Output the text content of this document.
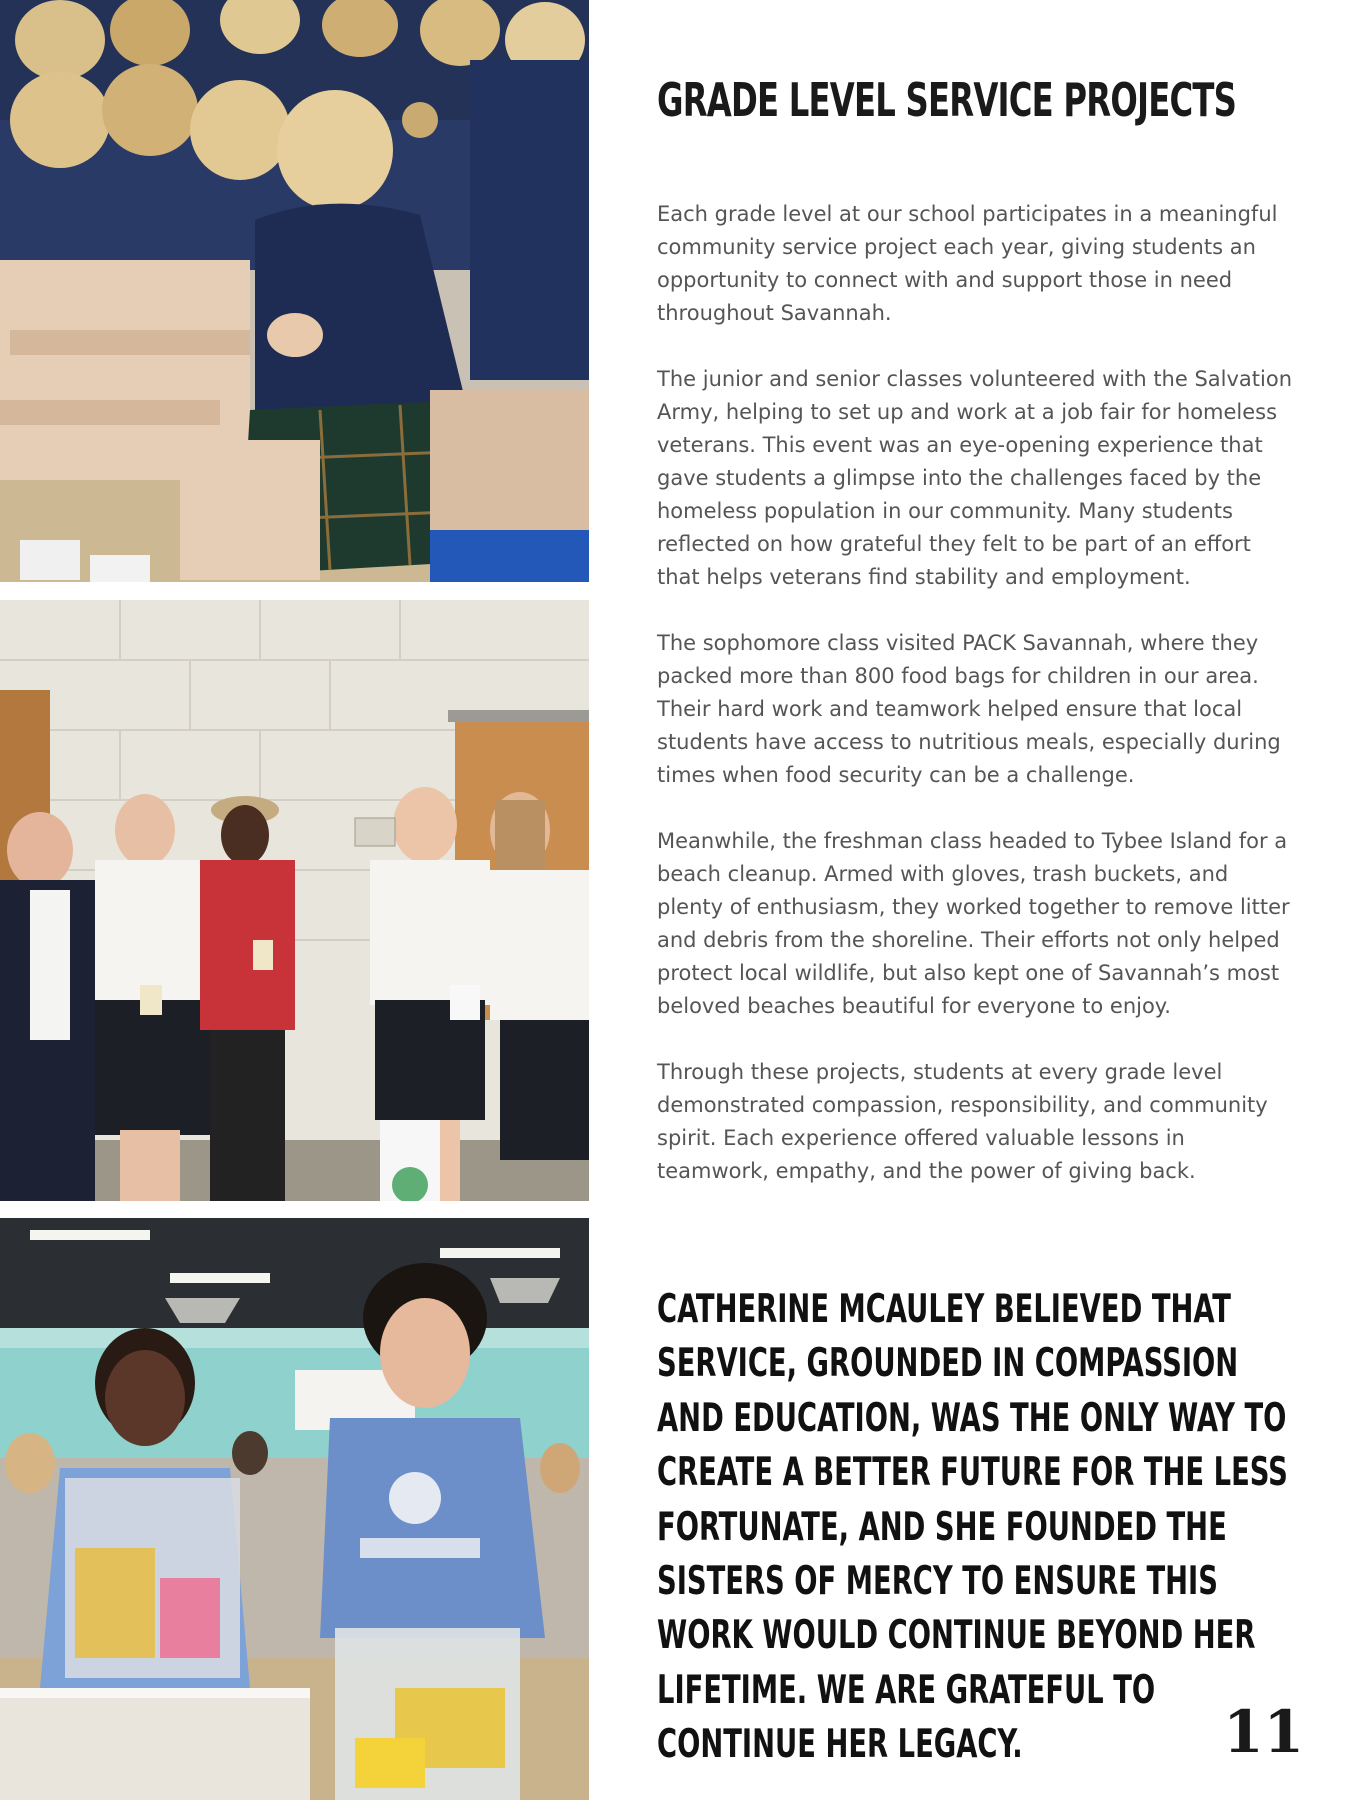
GRADE LEVEL SERVICE PROJECTS

Each grade level at our school participates in a meaningful community service project each year, giving students an opportunity to connect with and support those in need throughout Savannah.

The junior and senior classes volunteered with the Salvation Army, helping to set up and work at a job fair for homeless veterans. This event was an eye-opening experience that gave students a glimpse into the challenges faced by the homeless population in our community. Many students reflected on how grateful they felt to be part of an effort that helps veterans find stability and employment.

The sophomore class visited PACK Savannah, where they packed more than 800 food bags for children in our area. Their hard work and teamwork helped ensure that local students have access to nutritious meals, especially during times when food security can be a challenge.

Meanwhile, the freshman class headed to Tybee Island for a beach cleanup. Armed with gloves, trash buckets, and plenty of enthusiasm, they worked together to remove litter and debris from the shoreline. Their efforts not only helped protect local wildlife, but also kept one of Savannah’s most beloved beaches beautiful for everyone to enjoy.

Through these projects, students at every grade level demonstrated compassion, responsibility, and community spirit. Each experience offered valuable lessons in teamwork, empathy, and the power of giving back.

CATHERINE MCAULEY BELIEVED THAT SERVICE, GROUNDED IN COMPASSION AND EDUCATION, WAS THE ONLY WAY TO CREATE A BETTER FUTURE FOR THE LESS FORTUNATE, AND SHE FOUNDED THE SISTERS OF MERCY TO ENSURE THIS WORK WOULD CONTINUE BEYOND HER LIFETIME. WE ARE GRATEFUL TO CONTINUE HER LEGACY.	11
